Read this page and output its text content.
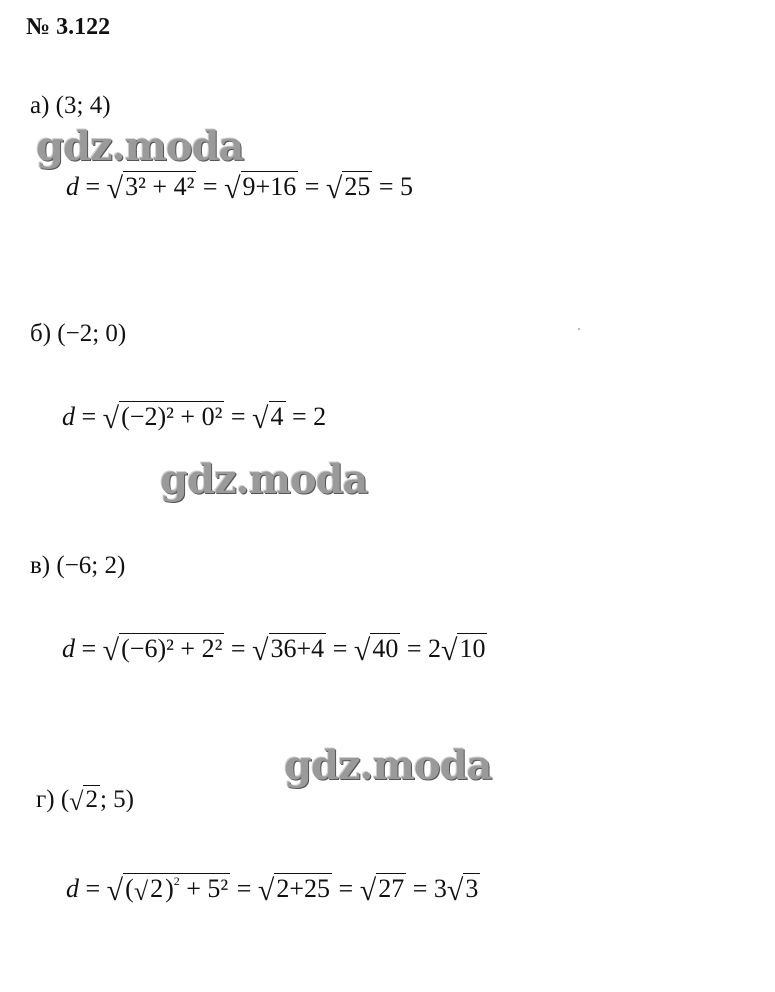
№ 3.122
а) (3; 4)
gdz.moda
d = √3² + 4² = √9+16 = √25 = 5
б) (−2; 0)
d = √(−2)² + 0² = √4 = 2
gdz.moda
в) (−6; 2)
d = √(−6)² + 2² = √36+4 = √40 = 2√10
gdz.moda
г) (√2; 5)
$d = √(√2)^2 + 5^2 = √2+25 = √27 = 3√3$
